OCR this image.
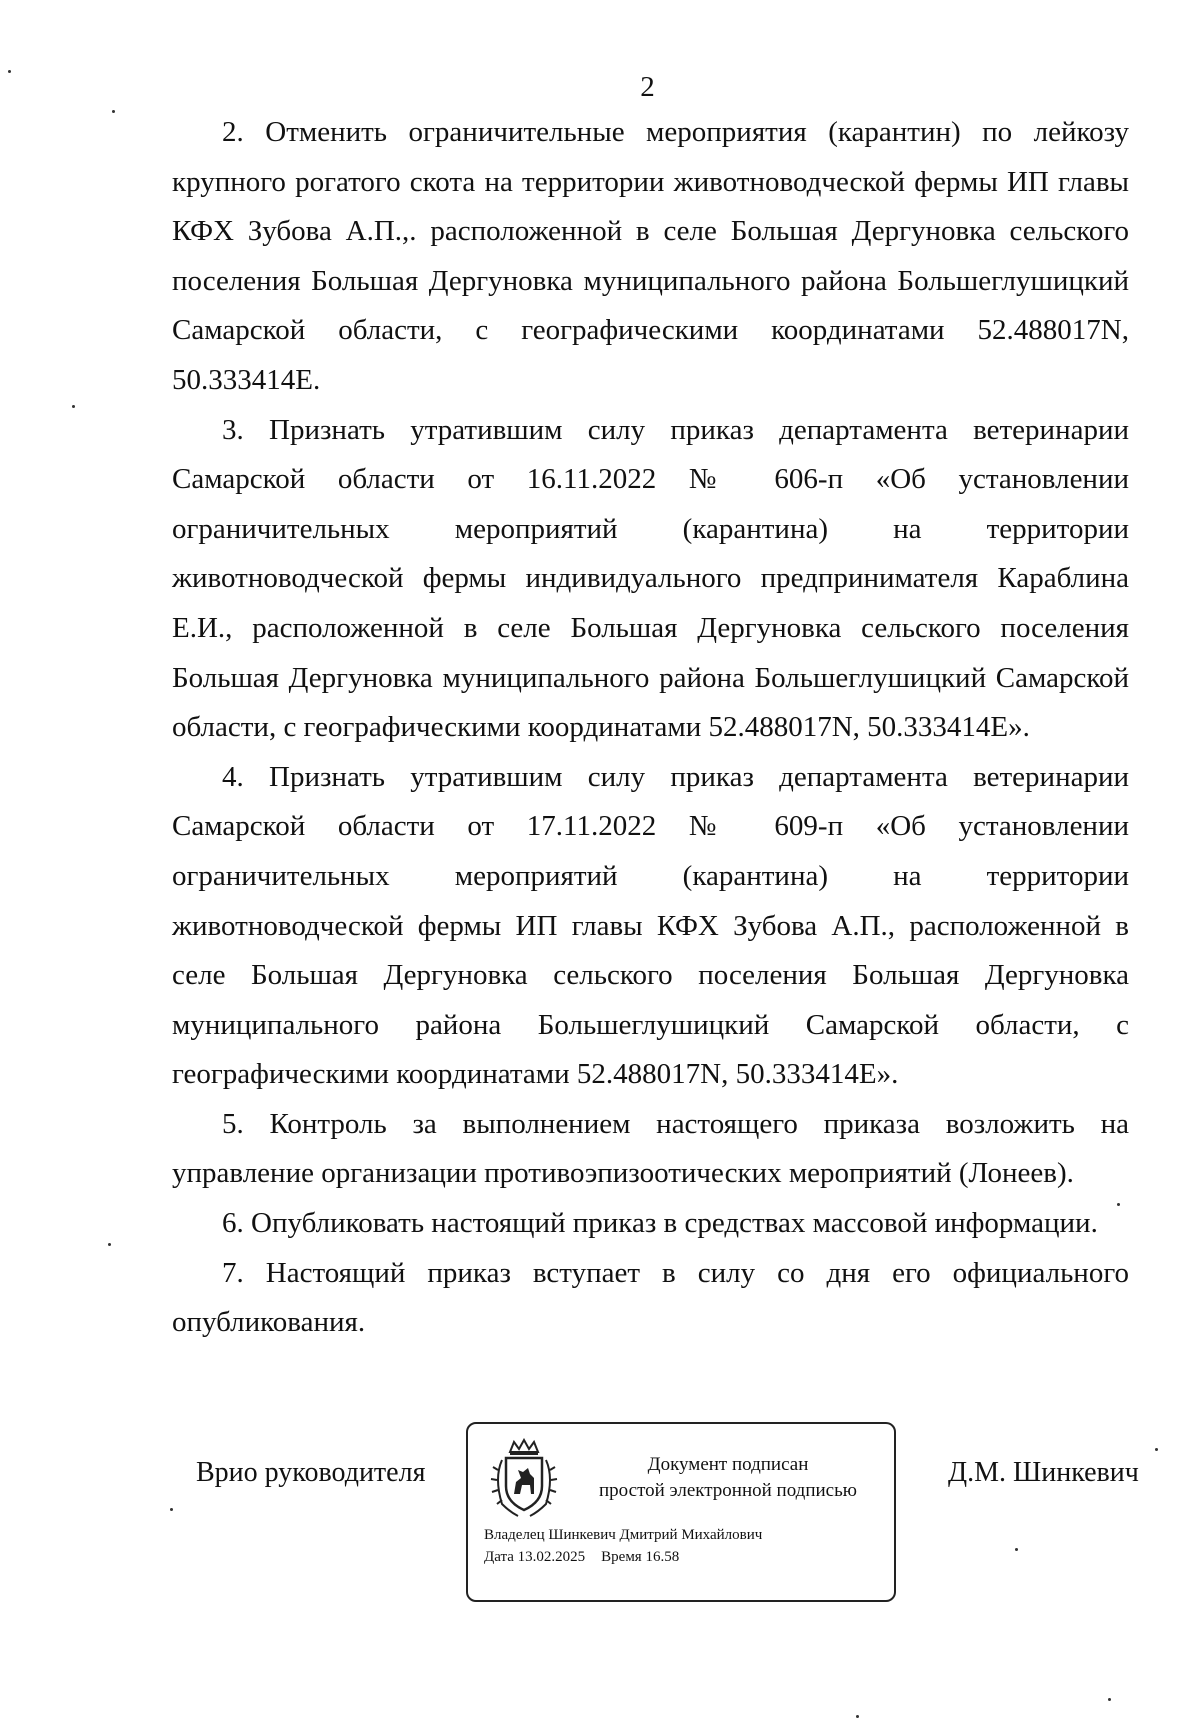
2

2. Отменить ограничительные мероприятия (карантин) по лейкозу крупного рогатого скота на территории животноводческой фермы ИП главы КФХ Зубова А.П.,. расположенной в селе Большая Дергуновка сельского поселения Большая Дергуновка муниципального района Большеглушицкий Самарской области, с географическими координатами 52.488017N, 50.333414E.

3. Признать утратившим силу приказ департамента ветеринарии Самарской области от 16.11.2022 № 606-п «Об установлении ограничительных мероприятий (карантина) на территории животноводческой фермы индивидуального предпринимателя Караблина Е.И., расположенной в селе Большая Дергуновка сельского поселения Большая Дергуновка муниципального района Большеглушицкий Самарской области, с географическими координатами 52.488017N, 50.333414E».

4. Признать утратившим силу приказ департамента ветеринарии Самарской области от 17.11.2022 № 609-п «Об установлении ограничительных мероприятий (карантина) на территории животноводческой фермы ИП главы КФХ Зубова А.П., расположенной в селе Большая Дергуновка сельского поселения Большая Дергуновка муниципального района Большеглушицкий Самарской области, с географическими координатами 52.488017N, 50.333414E».

5. Контроль за выполнением настоящего приказа возложить на управление организации противоэпизоотических мероприятий (Лонеев).

6. Опубликовать настоящий приказ в средствах массовой информации.

7. Настоящий приказ вступает в силу со дня его официального опубликования.

Врио руководителя	Документ подписан
простой электронной подписью
Владелец Шинкевич Дмитрий Михайлович
Дата 13.02.2025 Время 16.58
Д.М. Шинкевич
